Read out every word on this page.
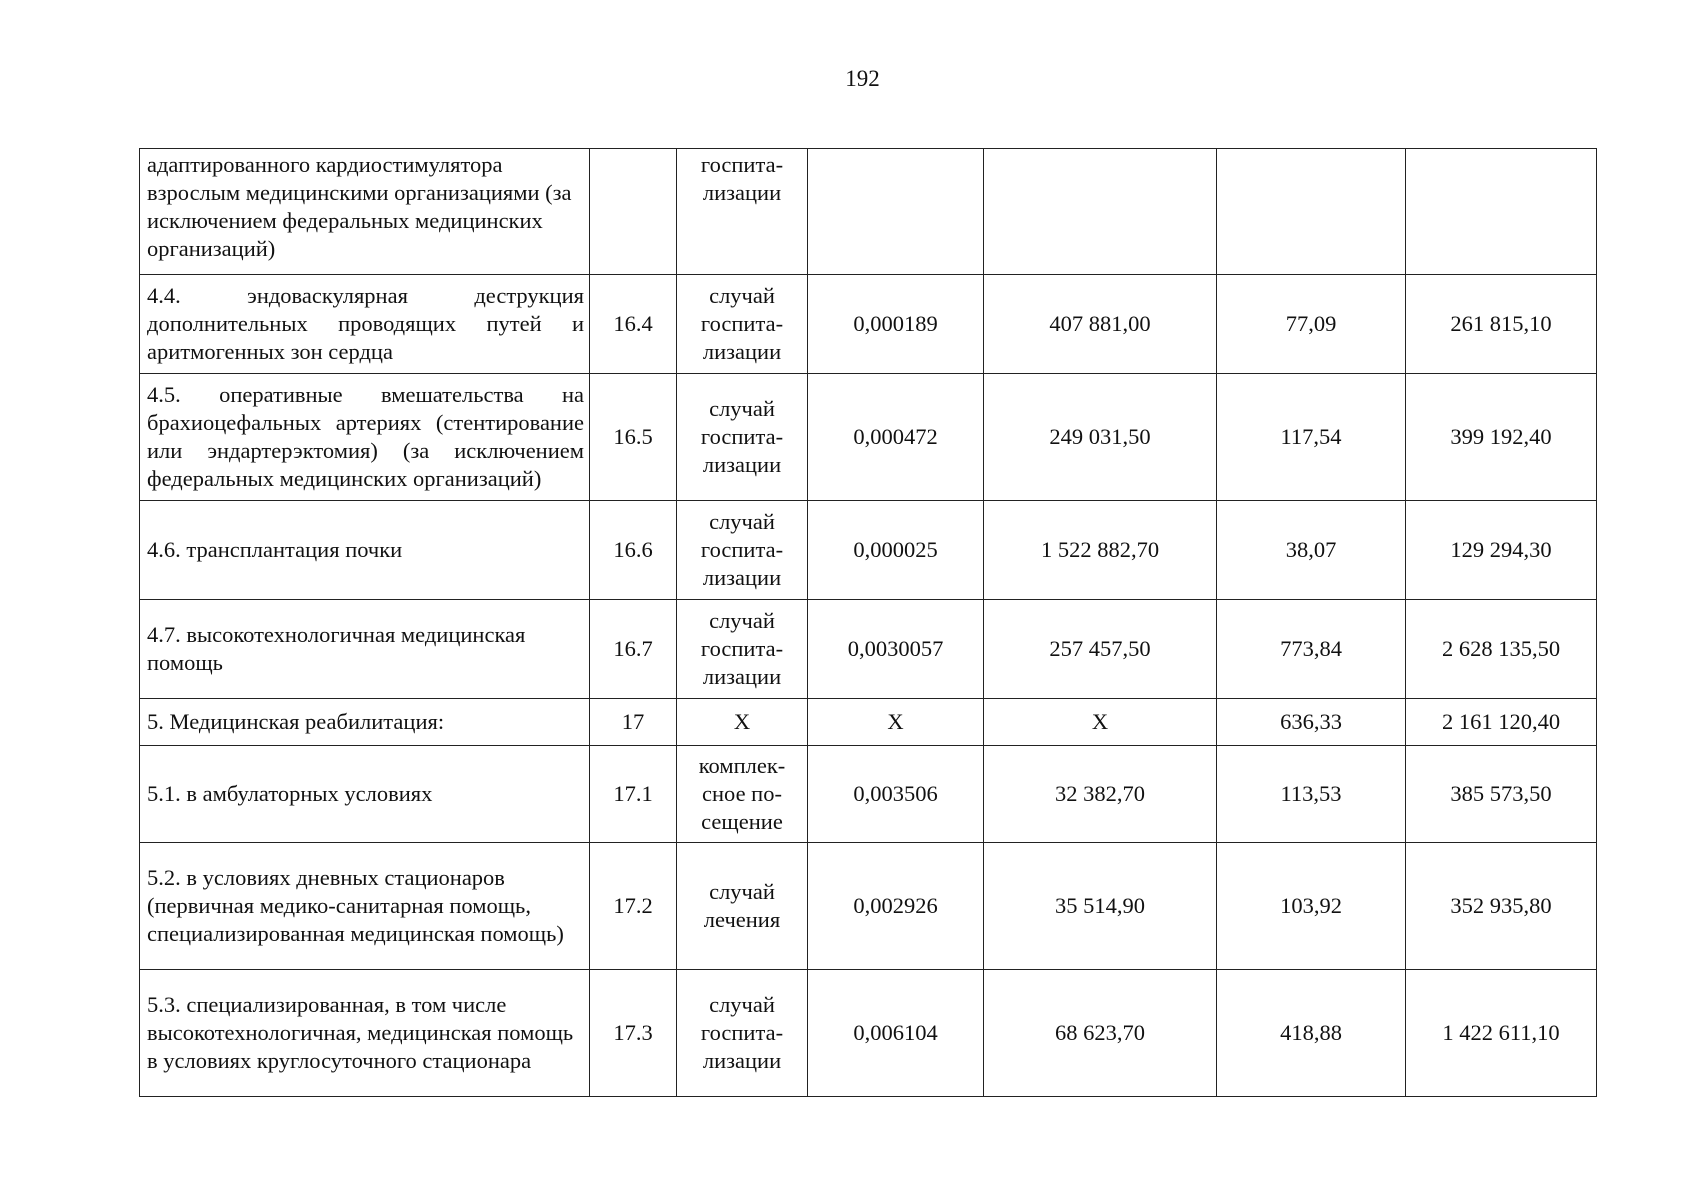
192
адаптированного кардиостимулятора взрослым медицинскими организациями (за исключением федеральных медицинских организаций)		госпита-лизации				
4.4. эндоваскулярная деструкция дополнительных проводящих путей и аритмогенных зон сердца	16.4	случай госпита-лизации	0,000189	407 881,00	77,09	261 815,10
4.5. оперативные вмешательства на брахиоцефальных артериях (стентирование или эндартерэктомия) (за исключением федеральных медицинских организаций)	16.5	случай госпита-лизации	0,000472	249 031,50	117,54	399 192,40
4.6. трансплантация почки	16.6	случай госпита-лизации	0,000025	1 522 882,70	38,07	129 294,30
4.7. высокотехнологичная медицинская помощь	16.7	случай госпита-лизации	0,0030057	257 457,50	773,84	2 628 135,50
5. Медицинская реабилитация:	17	X	X	X	636,33	2 161 120,40
5.1. в амбулаторных условиях	17.1	комплек-сное по-сещение	0,003506	32 382,70	113,53	385 573,50
5.2. в условиях дневных стационаров (первичная медико-санитарная помощь, специализированная медицинская помощь)	17.2	случай лечения	0,002926	35 514,90	103,92	352 935,80
5.3. специализированная, в том числе высокотехнологичная, медицинская помощь в условиях круглосуточного стационара	17.3	случай госпита-лизации	0,006104	68 623,70	418,88	1 422 611,10
